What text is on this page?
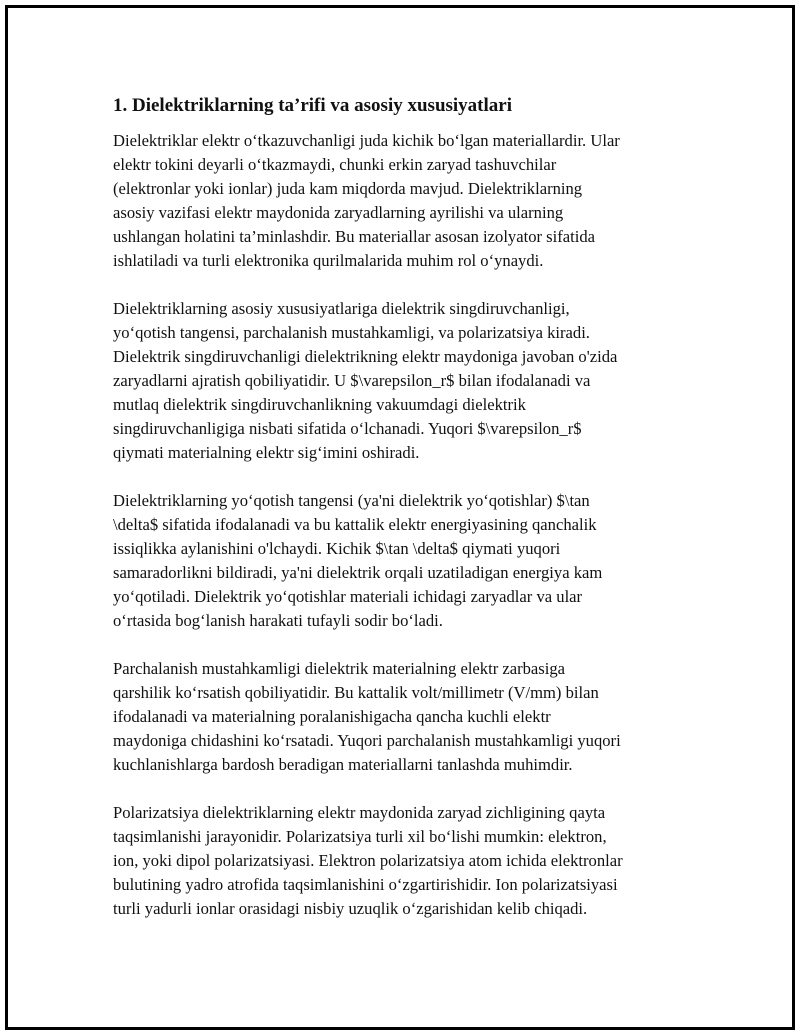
1. Dielektriklarning ta’rifi va asosiy xususiyatlari

Dielektriklar elektr o‘tkazuvchanligi juda kichik bo‘lgan materiallardir. Ular
elektr tokini deyarli o‘tkazmaydi, chunki erkin zaryad tashuvchilar
(elektronlar yoki ionlar) juda kam miqdorda mavjud. Dielektriklarning
asosiy vazifasi elektr maydonida zaryadlarning ayrilishi va ularning
ushlangan holatini ta’minlashdir. Bu materiallar asosan izolyator sifatida
ishlatiladi va turli elektronika qurilmalarida muhim rol o‘ynaydi.

Dielektriklarning asosiy xususiyatlariga dielektrik singdiruvchanligi,
yo‘qotish tangensi, parchalanish mustahkamligi, va polarizatsiya kiradi.
Dielektrik singdiruvchanligi dielektrikning elektr maydoniga javoban o'zida
zaryadlarni ajratish qobiliyatidir. U $\varepsilon_r$ bilan ifodalanadi va
mutlaq dielektrik singdiruvchanlikning vakuumdagi dielektrik
singdiruvchanligiga nisbati sifatida o‘lchanadi. Yuqori $\varepsilon_r$
qiymati materialning elektr sig‘imini oshiradi.

Dielektriklarning yo‘qotish tangensi (ya'ni dielektrik yo‘qotishlar) $\tan
\delta$ sifatida ifodalanadi va bu kattalik elektr energiyasining qanchalik
issiqlikka aylanishini o'lchaydi. Kichik $\tan \delta$ qiymati yuqori
samaradorlikni bildiradi, ya'ni dielektrik orqali uzatiladigan energiya kam
yo‘qotiladi. Dielektrik yo‘qotishlar materiali ichidagi zaryadlar va ular
o‘rtasida bog‘lanish harakati tufayli sodir bo‘ladi.

Parchalanish mustahkamligi dielektrik materialning elektr zarbasiga
qarshilik ko‘rsatish qobiliyatidir. Bu kattalik volt/millimetr (V/mm) bilan
ifodalanadi va materialning poralanishigacha qancha kuchli elektr
maydoniga chidashini ko‘rsatadi. Yuqori parchalanish mustahkamligi yuqori
kuchlanishlarga bardosh beradigan materiallarni tanlashda muhimdir.

Polarizatsiya dielektriklarning elektr maydonida zaryad zichligining qayta
taqsimlanishi jarayonidir. Polarizatsiya turli xil bo‘lishi mumkin: elektron,
ion, yoki dipol polarizatsiyasi. Elektron polarizatsiya atom ichida elektronlar
bulutining yadro atrofida taqsimlanishini o‘zgartirishidir. Ion polarizatsiyasi
turli yadurli ionlar orasidagi nisbiy uzuqlik o‘zgarishidan kelib chiqadi.
